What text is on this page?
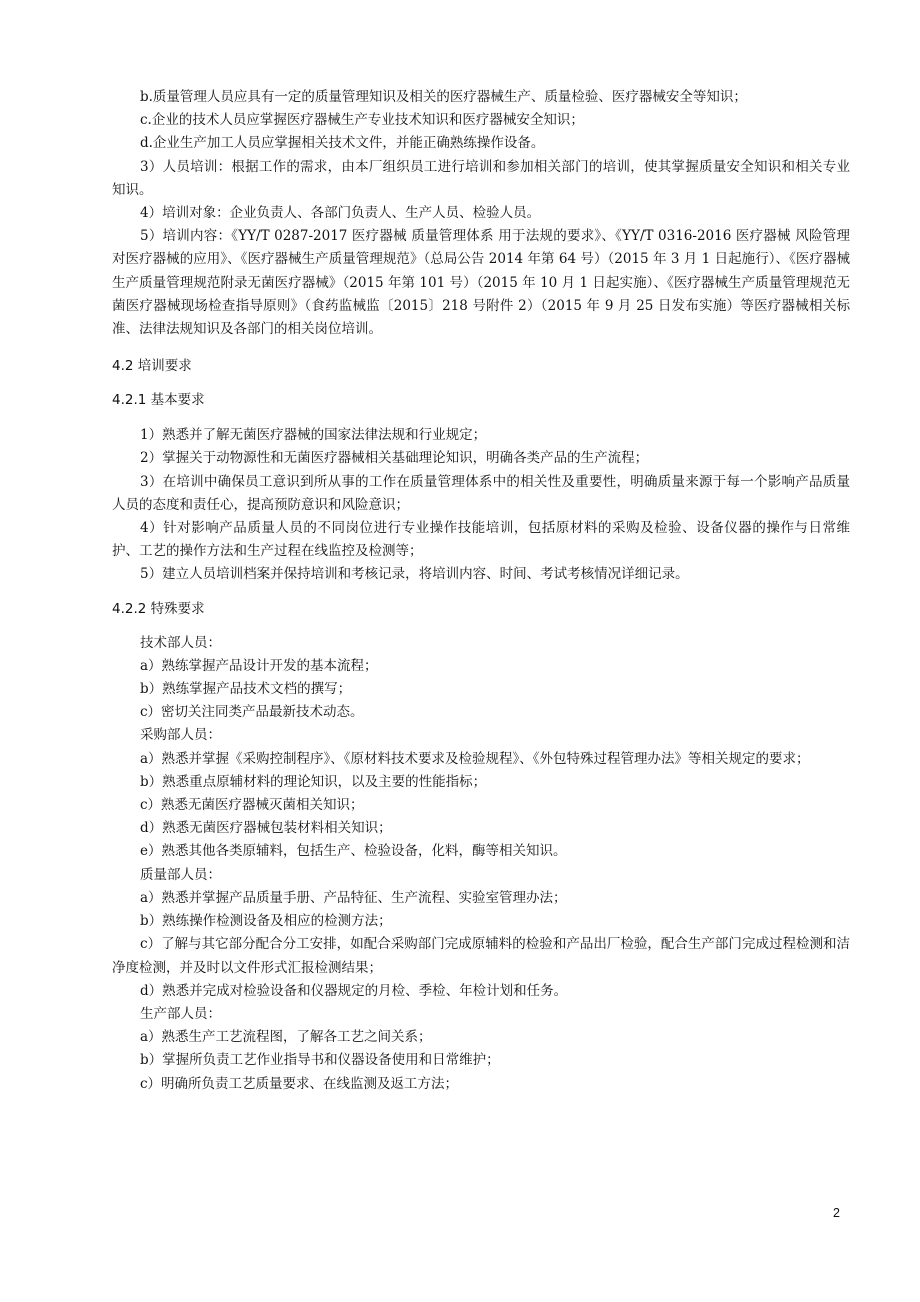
b.质量管理人员应具有一定的质量管理知识及相关的医疗器械生产、质量检验、医疗器械安全等知识；

c.企业的技术人员应掌握医疗器械生产专业技术知识和医疗器械安全知识；

d.企业生产加工人员应掌握相关技术文件，并能正确熟练操作设备。

3）人员培训：根据工作的需求，由本厂组织员工进行培训和参加相关部门的培训，使其掌握质量安全知识和相关专业知识。

4）培训对象：企业负责人、各部门负责人、生产人员、检验人员。

5）培训内容：《YY/T 0287-2017 医疗器械 质量管理体系 用于法规的要求》、《YY/T 0316-2016 医疗器械 风险管理对医疗器械的应用》、《医疗器械生产质量管理规范》（总局公告 2014 年第 64 号）（2015 年 3 月 1 日起施行）、《医疗器械生产质量管理规范附录无菌医疗器械》（2015 年第 101 号）（2015 年 10 月 1 日起实施）、《医疗器械生产质量管理规范无菌医疗器械现场检查指导原则》（食药监械监〔2015〕218 号附件 2）（2015 年 9 月 25 日发布实施）等医疗器械相关标准、法律法规知识及各部门的相关岗位培训。

4.2 培训要求
4.2.1 基本要求

1）熟悉并了解无菌医疗器械的国家法律法规和行业规定；

2）掌握关于动物源性和无菌医疗器械相关基础理论知识，明确各类产品的生产流程；

3）在培训中确保员工意识到所从事的工作在质量管理体系中的相关性及重要性，明确质量来源于每一个影响产品质量人员的态度和责任心，提高预防意识和风险意识；

4）针对影响产品质量人员的不同岗位进行专业操作技能培训，包括原材料的采购及检验、设备仪器的操作与日常维护、工艺的操作方法和生产过程在线监控及检测等；

5）建立人员培训档案并保持培训和考核记录，将培训内容、时间、考试考核情况详细记录。

4.2.2 特殊要求

技术部人员：

a）熟练掌握产品设计开发的基本流程；

b）熟练掌握产品技术文档的撰写；

c）密切关注同类产品最新技术动态。

采购部人员：

a）熟悉并掌握《采购控制程序》、《原材料技术要求及检验规程》、《外包特殊过程管理办法》等相关规定的要求；

b）熟悉重点原辅材料的理论知识，以及主要的性能指标；

c）熟悉无菌医疗器械灭菌相关知识；

d）熟悉无菌医疗器械包装材料相关知识；

e）熟悉其他各类原辅料，包括生产、检验设备，化料，酶等相关知识。

质量部人员：

a）熟悉并掌握产品质量手册、产品特征、生产流程、实验室管理办法；

b）熟练操作检测设备及相应的检测方法；

c）了解与其它部分配合分工安排，如配合采购部门完成原辅料的检验和产品出厂检验，配合生产部门完成过程检测和洁净度检测，并及时以文件形式汇报检测结果；

d）熟悉并完成对检验设备和仪器规定的月检、季检、年检计划和任务。

生产部人员：

a）熟悉生产工艺流程图，了解各工艺之间关系；

b）掌握所负责工艺作业指导书和仪器设备使用和日常维护；

c）明确所负责工艺质量要求、在线监测及返工方法；

2
